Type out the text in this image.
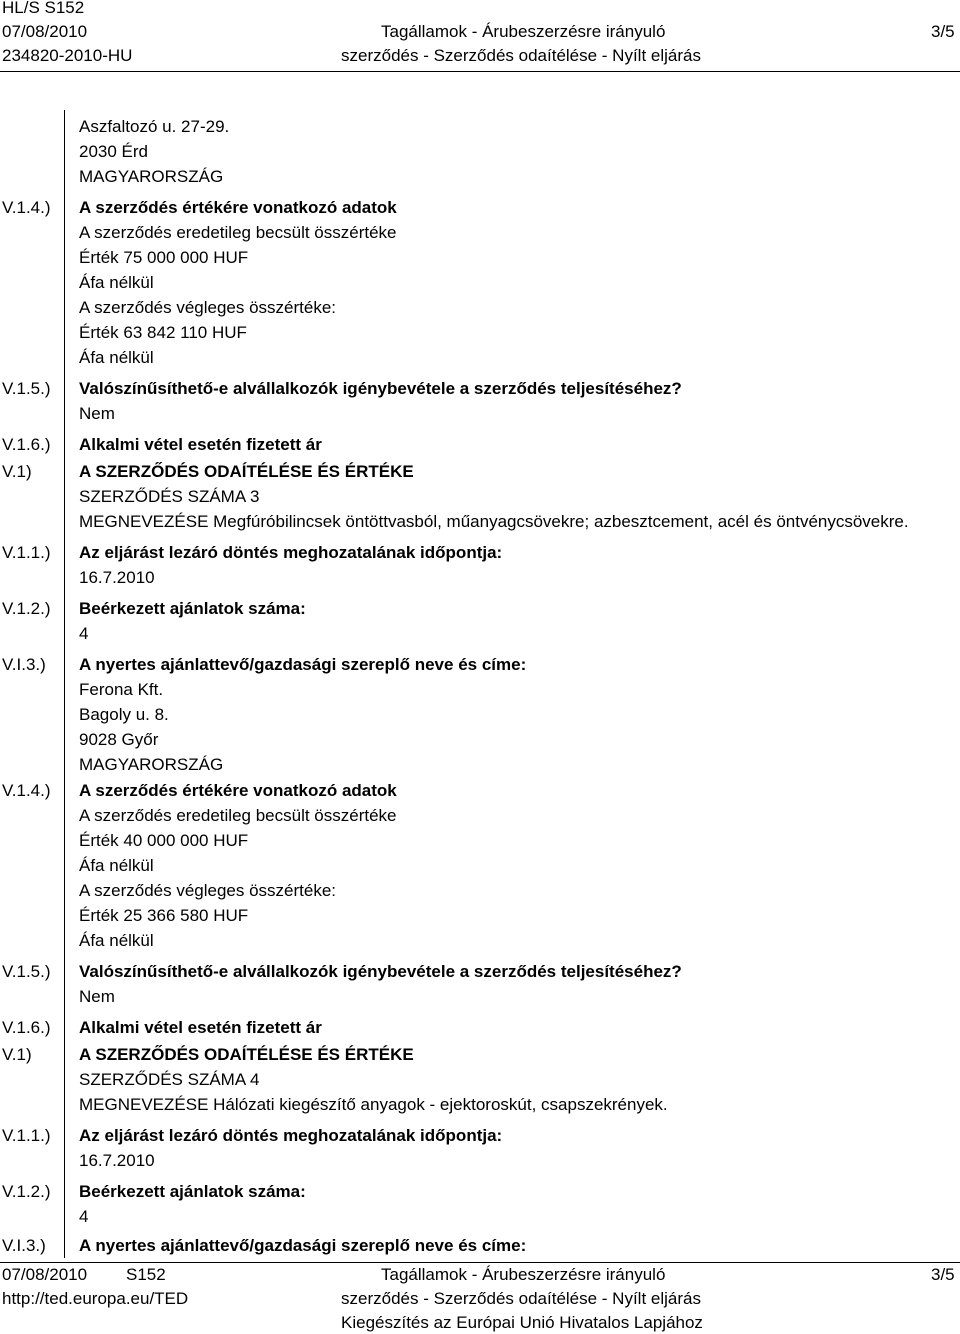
HL/S S152
07/08/2010
234820-2010-HU
Tagállamok - Árubeszerzésre irányuló
szerződés - Szerződés odaítélése - Nyílt eljárás
3/5
V.1.4.)
V.1.5.)
V.1.6.)
V.1)
V.1.1.)
V.1.2.)
V.I.3.)
V.1.4.)
V.1.5.)
V.1.6.)
V.1)
V.1.1.)
V.1.2.)
V.I.3.)
Aszfaltozó u. 27-29.
2030 Érd
MAGYARORSZÁG
A szerződés értékére vonatkozó adatok
A szerződés eredetileg becsült összértéke
Érték 75 000 000 HUF
Áfa nélkül
A szerződés végleges összértéke:
Érték 63 842 110 HUF
Áfa nélkül
Valószínűsíthető-e alvállalkozók igénybevétele a szerződés teljesítéséhez?
Nem
Alkalmi vétel esetén fizetett ár
A SZERZŐDÉS ODAÍTÉLÉSE ÉS ÉRTÉKE
SZERZŐDÉS SZÁMA 3
MEGNEVEZÉSE Megfúróbilincsek öntöttvasból, műanyagcsövekre; azbesztcement, acél és öntvénycsövekre.
Az eljárást lezáró döntés meghozatalának időpontja:
16.7.2010
Beérkezett ajánlatok száma:
4
A nyertes ajánlattevő/gazdasági szereplő neve és címe:
Ferona Kft.
Bagoly u. 8.
9028 Győr
MAGYARORSZÁG
A szerződés értékére vonatkozó adatok
A szerződés eredetileg becsült összértéke
Érték 40 000 000 HUF
Áfa nélkül
A szerződés végleges összértéke:
Érték 25 366 580 HUF
Áfa nélkül
Valószínűsíthető-e alvállalkozók igénybevétele a szerződés teljesítéséhez?
Nem
Alkalmi vétel esetén fizetett ár
A SZERZŐDÉS ODAÍTÉLÉSE ÉS ÉRTÉKE
SZERZŐDÉS SZÁMA 4
MEGNEVEZÉSE Hálózati kiegészítő anyagok - ejektoroskút, csapszekrények.
Az eljárást lezáró döntés meghozatalának időpontja:
16.7.2010
Beérkezett ajánlatok száma:
4
A nyertes ajánlattevő/gazdasági szereplő neve és címe:
07/08/2010 S152
http://ted.europa.eu/TED
Tagállamok - Árubeszerzésre irányuló
szerződés - Szerződés odaítélése - Nyílt eljárás
Kiegészítés az Európai Unió Hivatalos Lapjához
3/5
